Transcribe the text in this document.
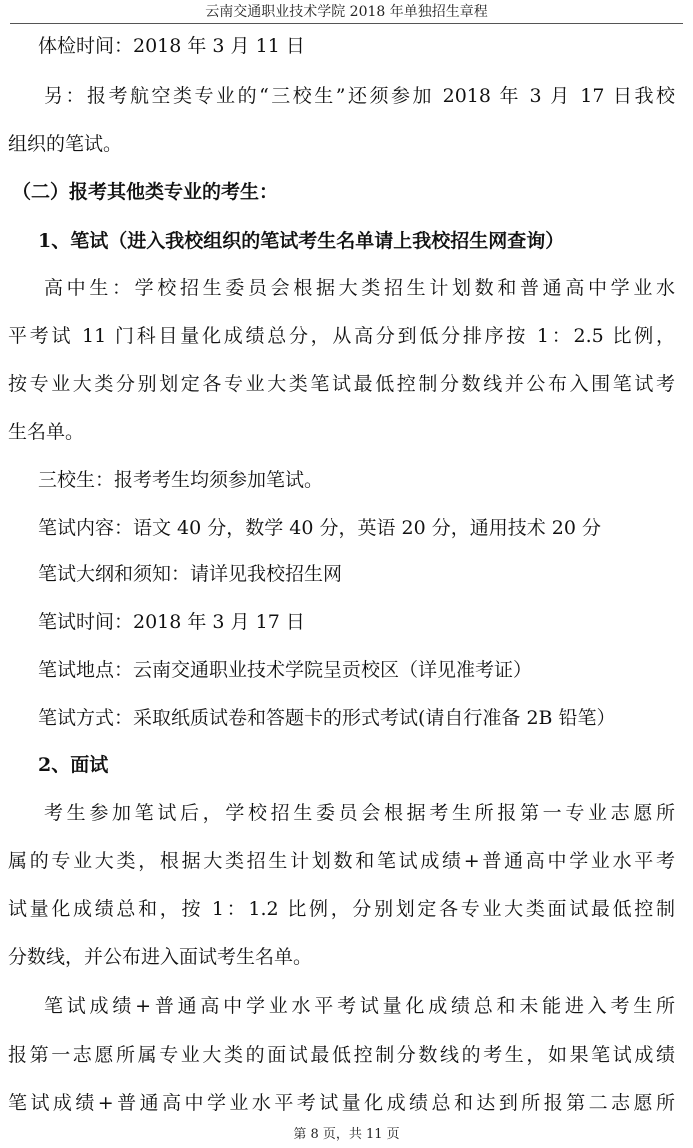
云南交通职业技术学院 2018 年单独招生章程
体检时间：2018 年 3 月 11 日
另：报考航空类专业的“三校生”还须参加 2018 年 3 月 17 日我校
组织的笔试。
（二）报考其他类专业的考生：
1、笔试（进入我校组织的笔试考生名单请上我校招生网查询）
高中生：学校招生委员会根据大类招生计划数和普通高中学业水
平考试 11 门科目量化成绩总分，从高分到低分排序按 1：2.5 比例，
按专业大类分别划定各专业大类笔试最低控制分数线并公布入围笔试考
生名单。
三校生：报考考生均须参加笔试。
笔试内容：语文 40 分，数学 40 分，英语 20 分，通用技术 20 分
笔试大纲和须知：请详见我校招生网
笔试时间：2018 年 3 月 17 日
笔试地点：云南交通职业技术学院呈贡校区（详见准考证）
笔试方式：采取纸质试卷和答题卡的形式考试(请自行准备 2B 铅笔）
2、面试
考生参加笔试后，学校招生委员会根据考生所报第一专业志愿所
属的专业大类，根据大类招生计划数和笔试成绩+普通高中学业水平考
试量化成绩总和，按 1：1.2 比例，分别划定各专业大类面试最低控制
分数线，并公布进入面试考生名单。
笔试成绩+普通高中学业水平考试量化成绩总和未能进入考生所
报第一志愿所属专业大类的面试最低控制分数线的考生，如果笔试成绩
笔试成绩+普通高中学业水平考试量化成绩总和达到所报第二志愿所
第 8 页，共 11 页
